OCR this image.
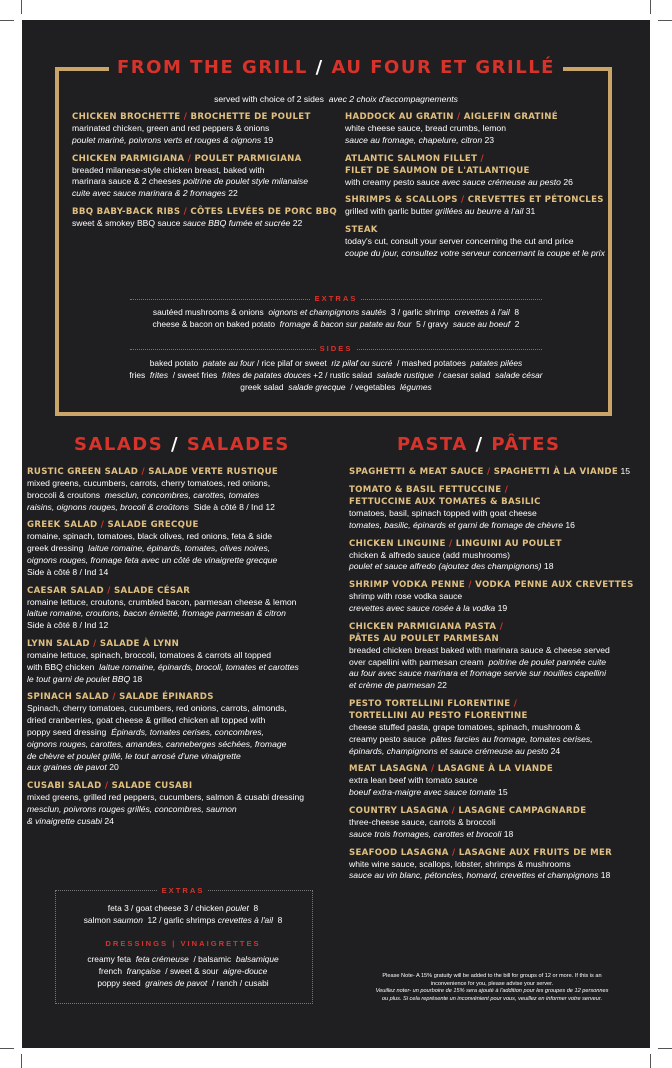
FROM THE GRILL / AU FOUR ET GRILLÉ
served with choice of 2 sides avec 2 choix d'accompagnements
CHICKEN BROCHETTE / BROCHETTE DE POULET
marinated chicken, green and red peppers & onions
poulet mariné, poivrons verts et rouges & oignons 19
CHICKEN PARMIGIANA / POULET PARMIGIANA
breaded milanese-style chicken breast, baked with
marinara sauce & 2 cheeses poitrine de poulet style milanaise
cuite avec sauce marinara & 2 fromages 22
BBQ BABY-BACK RIBS / CÔTES LEVÉES DE PORC BBQ
sweet & smokey BBQ sauce sauce BBQ fumée et sucrée 22
HADDOCK AU GRATIN / AIGLEFIN GRATINÉ
white cheese sauce, bread crumbs, lemon
sauce au fromage, chapelure, citron 23
ATLANTIC SALMON FILLET /
FILET DE SAUMON DE L'ATLANTIQUE
with creamy pesto sauce avec sauce crémeuse au pesto 26
SHRIMPS & SCALLOPS / CREVETTES ET PÉTONCLES
grilled with garlic butter grillées au beurre à l'ail 31
STEAK
today's cut, consult your server concerning the cut and price
coupe du jour, consultez votre serveur concernant la coupe et le prix
EXTRAS
sautéed mushrooms & onions oignons et champignons sautés 3 / garlic shrimp crevettes à l'ail 8
cheese & bacon on baked potato fromage & bacon sur patate au four 5 / gravy sauce au boeuf 2
SIDES
baked potato patate au four / rice pilaf or sweet riz pilaf ou sucré / mashed potatoes patates pilées
fries frites / sweet fries frites de patates douces +2 / rustic salad salade rustique / caesar salad salade césar
greek salad salade grecque / vegetables légumes
SALADS / SALADES
RUSTIC GREEN SALAD / SALADE VERTE RUSTIQUE
mixed greens, cucumbers, carrots, cherry tomatoes, red onions,
broccoli & croutons mesclun, concombres, carottes, tomates
raisins, oignons rouges, brocoli & croûtons Side à côté 8 / Ind 12
GREEK SALAD / SALADE GRECQUE
romaine, spinach, tomatoes, black olives, red onions, feta & side
greek dressing laitue romaine, épinards, tomates, olives noires,
oignons rouges, fromage feta avec un côté de vinaigrette grecque
Side à côté 8 / Ind 14
CAESAR SALAD / SALADE CÉSAR
romaine lettuce, croutons, crumbled bacon, parmesan cheese & lemon
laitue romaine, croutons, bacon émietté, fromage parmesan & citron
Side à côté 8 / Ind 12
LYNN SALAD / SALADE À LYNN
romaine lettuce, spinach, broccoli, tomatoes & carrots all topped
with BBQ chicken laitue romaine, épinards, brocoli, tomates et carottes
le tout garni de poulet BBQ 18
SPINACH SALAD / SALADE ÉPINARDS
Spinach, cherry tomatoes, cucumbers, red onions, carrots, almonds,
dried cranberries, goat cheese & grilled chicken all topped with
poppy seed dressing Épinards, tomates cerises, concombres,
oignons rouges, carottes, amandes, canneberges séchées, fromage
de chèvre et poulet grillé, le tout arrosé d'une vinaigrette
aux graines de pavot 20
CUSABI SALAD / SALADE CUSABI
mixed greens, grilled red peppers, cucumbers, salmon & cusabi dressing
mesclun, poivrons rouges grillés, concombres, saumon
& vinaigrette cusabi 24
EXTRAS
feta 3 / goat cheese 3 / chicken poulet 8
salmon saumon 12 / garlic shrimps crevettes à l'ail 8
DRESSINGS | VINAIGRETTES
creamy feta feta crémeuse / balsamic balsamique
french française / sweet & sour aigre-douce
poppy seed graines de pavot / ranch / cusabi
PASTA / PÂTES
SPAGHETTI & MEAT SAUCE / SPAGHETTI À LA VIANDE 15
TOMATO & BASIL FETTUCCINE /
FETTUCCINE AUX TOMATES & BASILIC
tomatoes, basil, spinach topped with goat cheese
tomates, basilic, épinards et garni de fromage de chèvre 16
CHICKEN LINGUINE / LINGUINI AU POULET
chicken & alfredo sauce (add mushrooms)
poulet et sauce alfredo (ajoutez des champignons) 18
SHRIMP VODKA PENNE / VODKA PENNE AUX CREVETTES
shrimp with rose vodka sauce
crevettes avec sauce rosée à la vodka 19
CHICKEN PARMIGIANA PASTA /
PÂTES AU POULET PARMESAN
breaded chicken breast baked with marinara sauce & cheese served
over capellini with parmesan cream poitrine de poulet pannée cuite
au four avec sauce marinara et fromage servie sur nouilles capellini
et crème de parmesan 22
PESTO TORTELLINI FLORENTINE /
TORTELLINI AU PESTO FLORENTINE
cheese stuffed pasta, grape tomatoes, spinach, mushroom &
creamy pesto sauce pâtes farcies au fromage, tomates cerises,
épinards, champignons et sauce crémeuse au pesto 24
MEAT LASAGNA / LASAGNE À LA VIANDE
extra lean beef with tomato sauce
boeuf extra-maigre avec sauce tomate 15
COUNTRY LASAGNA / LASAGNE CAMPAGNARDE
three-cheese sauce, carrots & broccoli
sauce trois fromages, carottes et brocoli 18
SEAFOOD LASAGNA / LASAGNE AUX FRUITS DE MER
white wine sauce, scallops, lobster, shrimps & mushrooms
sauce au vin blanc, pétoncles, homard, crevettes et champignons 18
Please Note- A 15% gratuity will be added to the bill for groups of 12 or more. If this is an
inconvenience for you, please advise your server.
Veuillez noter- un pourboire de 15% sera ajouté à l'addition pour les groupes de 12 personnes
ou plus. Si cela représente un inconvénient pour vous, veuillez en informer votre serveur.
